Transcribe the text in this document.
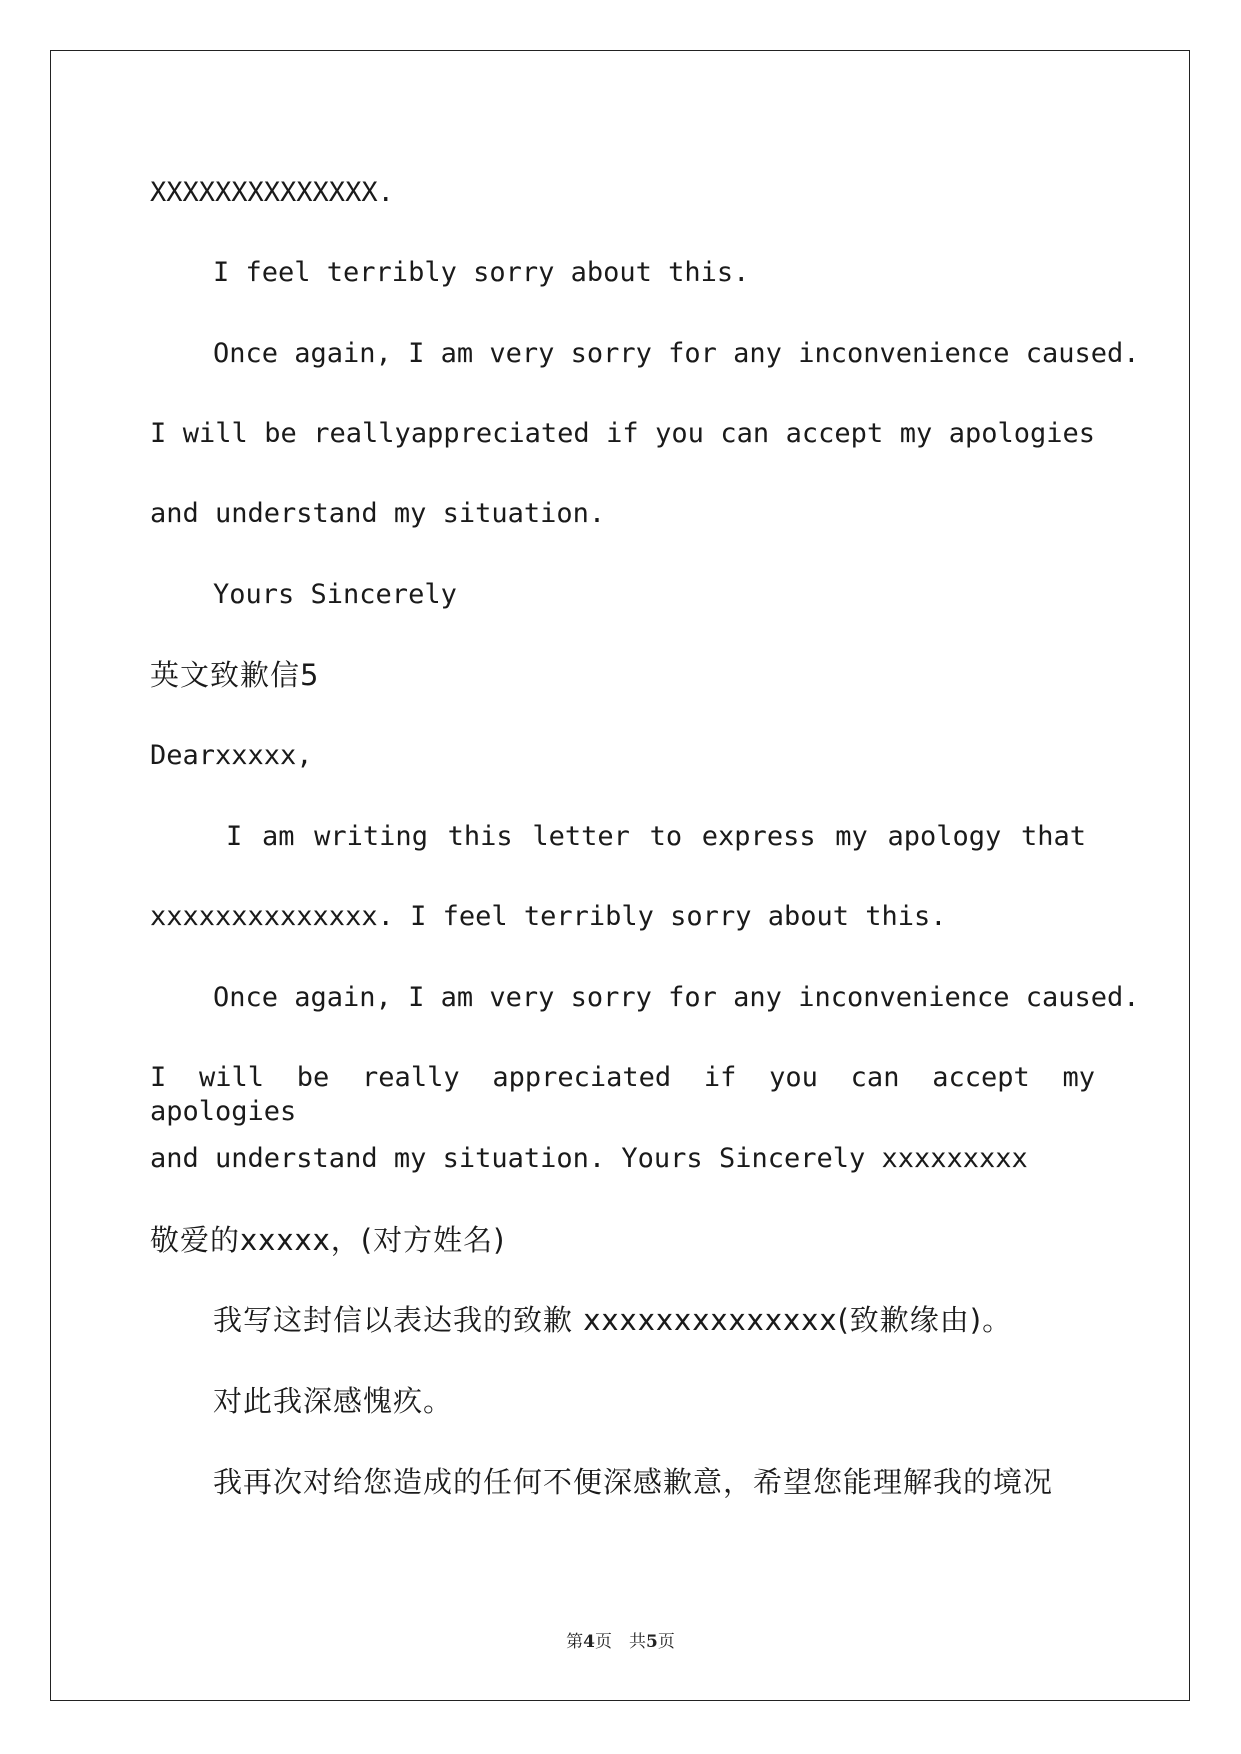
XXXXXXXXXXXXXX.
I feel terribly sorry about this.
Once again, I am very sorry for any inconvenience caused.
I will be reallyappreciated if you can accept my apologies
and understand my situation.
Yours Sincerely
英文致歉信5
Dearxxxxx,
I am writing this letter to express my apology that
xxxxxxxxxxxxxx. I feel terribly sorry about this.
Once again, I am very sorry for any inconvenience caused.
I will be really appreciated if you can accept my apologies
and understand my situation. Yours Sincerely xxxxxxxxx
敬爱的xxxxx，(对方姓名)
我写这封信以表达我的致歉 xxxxxxxxxxxxxx(致歉缘由)。
对此我深感愧疚。
我再次对给您造成的任何不便深感歉意，希望您能理解我的境况
第4页　共5页
